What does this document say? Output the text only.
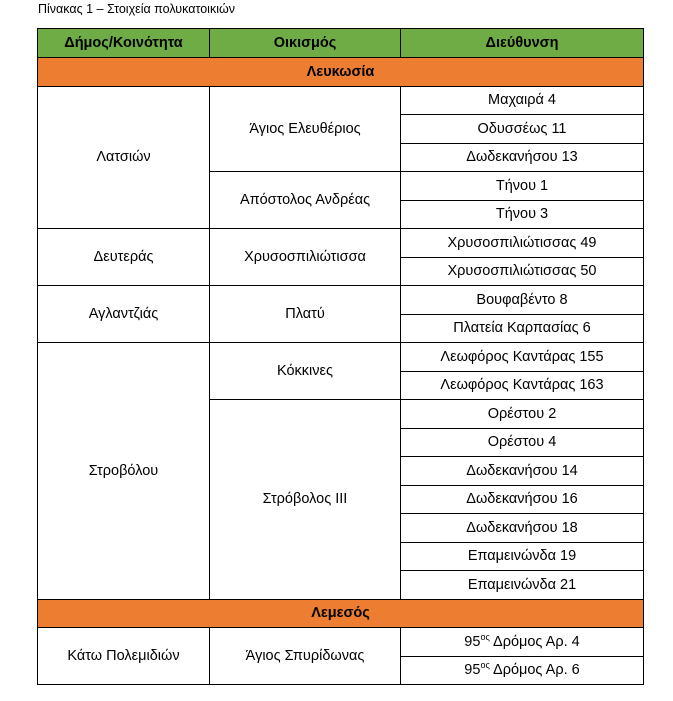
Πίνακας 1 – Στοιχεία πολυκατοικιών
Δήμος/Κοινότητα	Οικισμός	Διεύθυνση
Λευκωσία		
Λατσιών	Άγιος Ελευθέριος	Μαχαιρά 4
		Οδυσσέως 11
		Δωδεκανήσου 13
	Απόστολος Ανδρέας	Τήνου 1
		Τήνου 3
Δευτεράς	Χρυσοσπιλιώτισσα	Χρυσοσπιλιώτισσας 49
		Χρυσοσπιλιώτισσας 50
Αγλαντζιάς	Πλατύ	Βουφαβέντο 8
		Πλατεία Καρπασίας 6
Στροβόλου	Κόκκινες	Λεωφόρος Καντάρας 155
		Λεωφόρος Καντάρας 163
	Στρόβολος ΙΙΙ	Ορέστου 2
		Ορέστου 4
		Δωδεκανήσου 14
		Δωδεκανήσου 16
		Δωδεκανήσου 18
		Επαμεινώνδα 19
		Επαμεινώνδα 21
Λεμεσός		
Κάτω Πολεμιδιών	Άγιος Σπυρίδωνας	$95^{o\varsigma}$ Δρόμος Αρ. 4
		$95^{o\varsigma}$ Δρόμος Αρ. 6
